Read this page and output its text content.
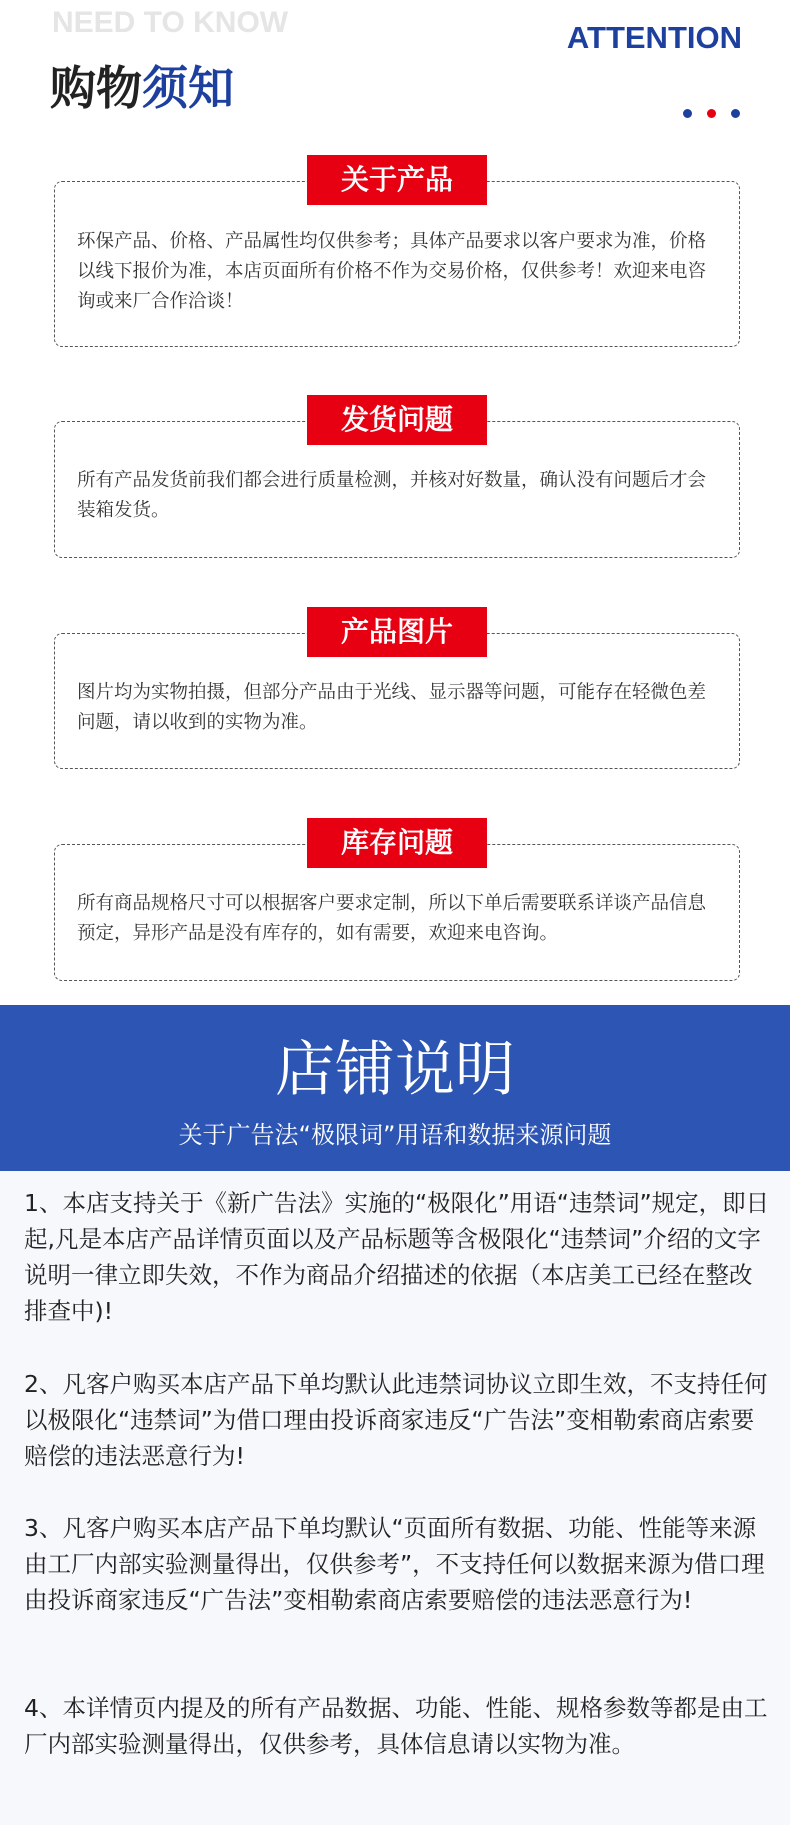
NEED TO KNOW
购物须知
ATTENTION
关于产品
环保产品、价格、产品属性均仅供参考；具体产品要求以客户要求为准，价格以线下报价为准，本店页面所有价格不作为交易价格，仅供参考！欢迎来电咨询或来厂合作洽谈！
发货问题
所有产品发货前我们都会进行质量检测，并核对好数量，确认没有问题后才会装箱发货。
产品图片
图片均为实物拍摄，但部分产品由于光线、显示器等问题，可能存在轻微色差问题，请以收到的实物为准。
库存问题
所有商品规格尺寸可以根据客户要求定制，所以下单后需要联系详谈产品信息预定，异形产品是没有库存的，如有需要，欢迎来电咨询。
店铺说明
关于广告法“极限词”用语和数据来源问题
1、本店支持关于《新广告法》实施的“极限化”用语“违禁词”规定，即日起,凡是本店产品详情页面以及产品标题等含极限化“违禁词”介绍的文字说明一律立即失效，不作为商品介绍描述的依据（本店美工已经在整改排查中)!
2、凡客户购买本店产品下单均默认此违禁词协议立即生效，不支持任何以极限化“违禁词”为借口理由投诉商家违反“广告法”变相勒索商店索要赔偿的违法恶意行为!
3、凡客户购买本店产品下单均默认“页面所有数据、功能、性能等来源由工厂内部实验测量得出，仅供参考”，不支持任何以数据来源为借口理由投诉商家违反“广告法”变相勒索商店索要赔偿的违法恶意行为!
4、本详情页内提及的所有产品数据、功能、性能、规格参数等都是由工厂内部实验测量得出，仅供参考，具体信息请以实物为准。
